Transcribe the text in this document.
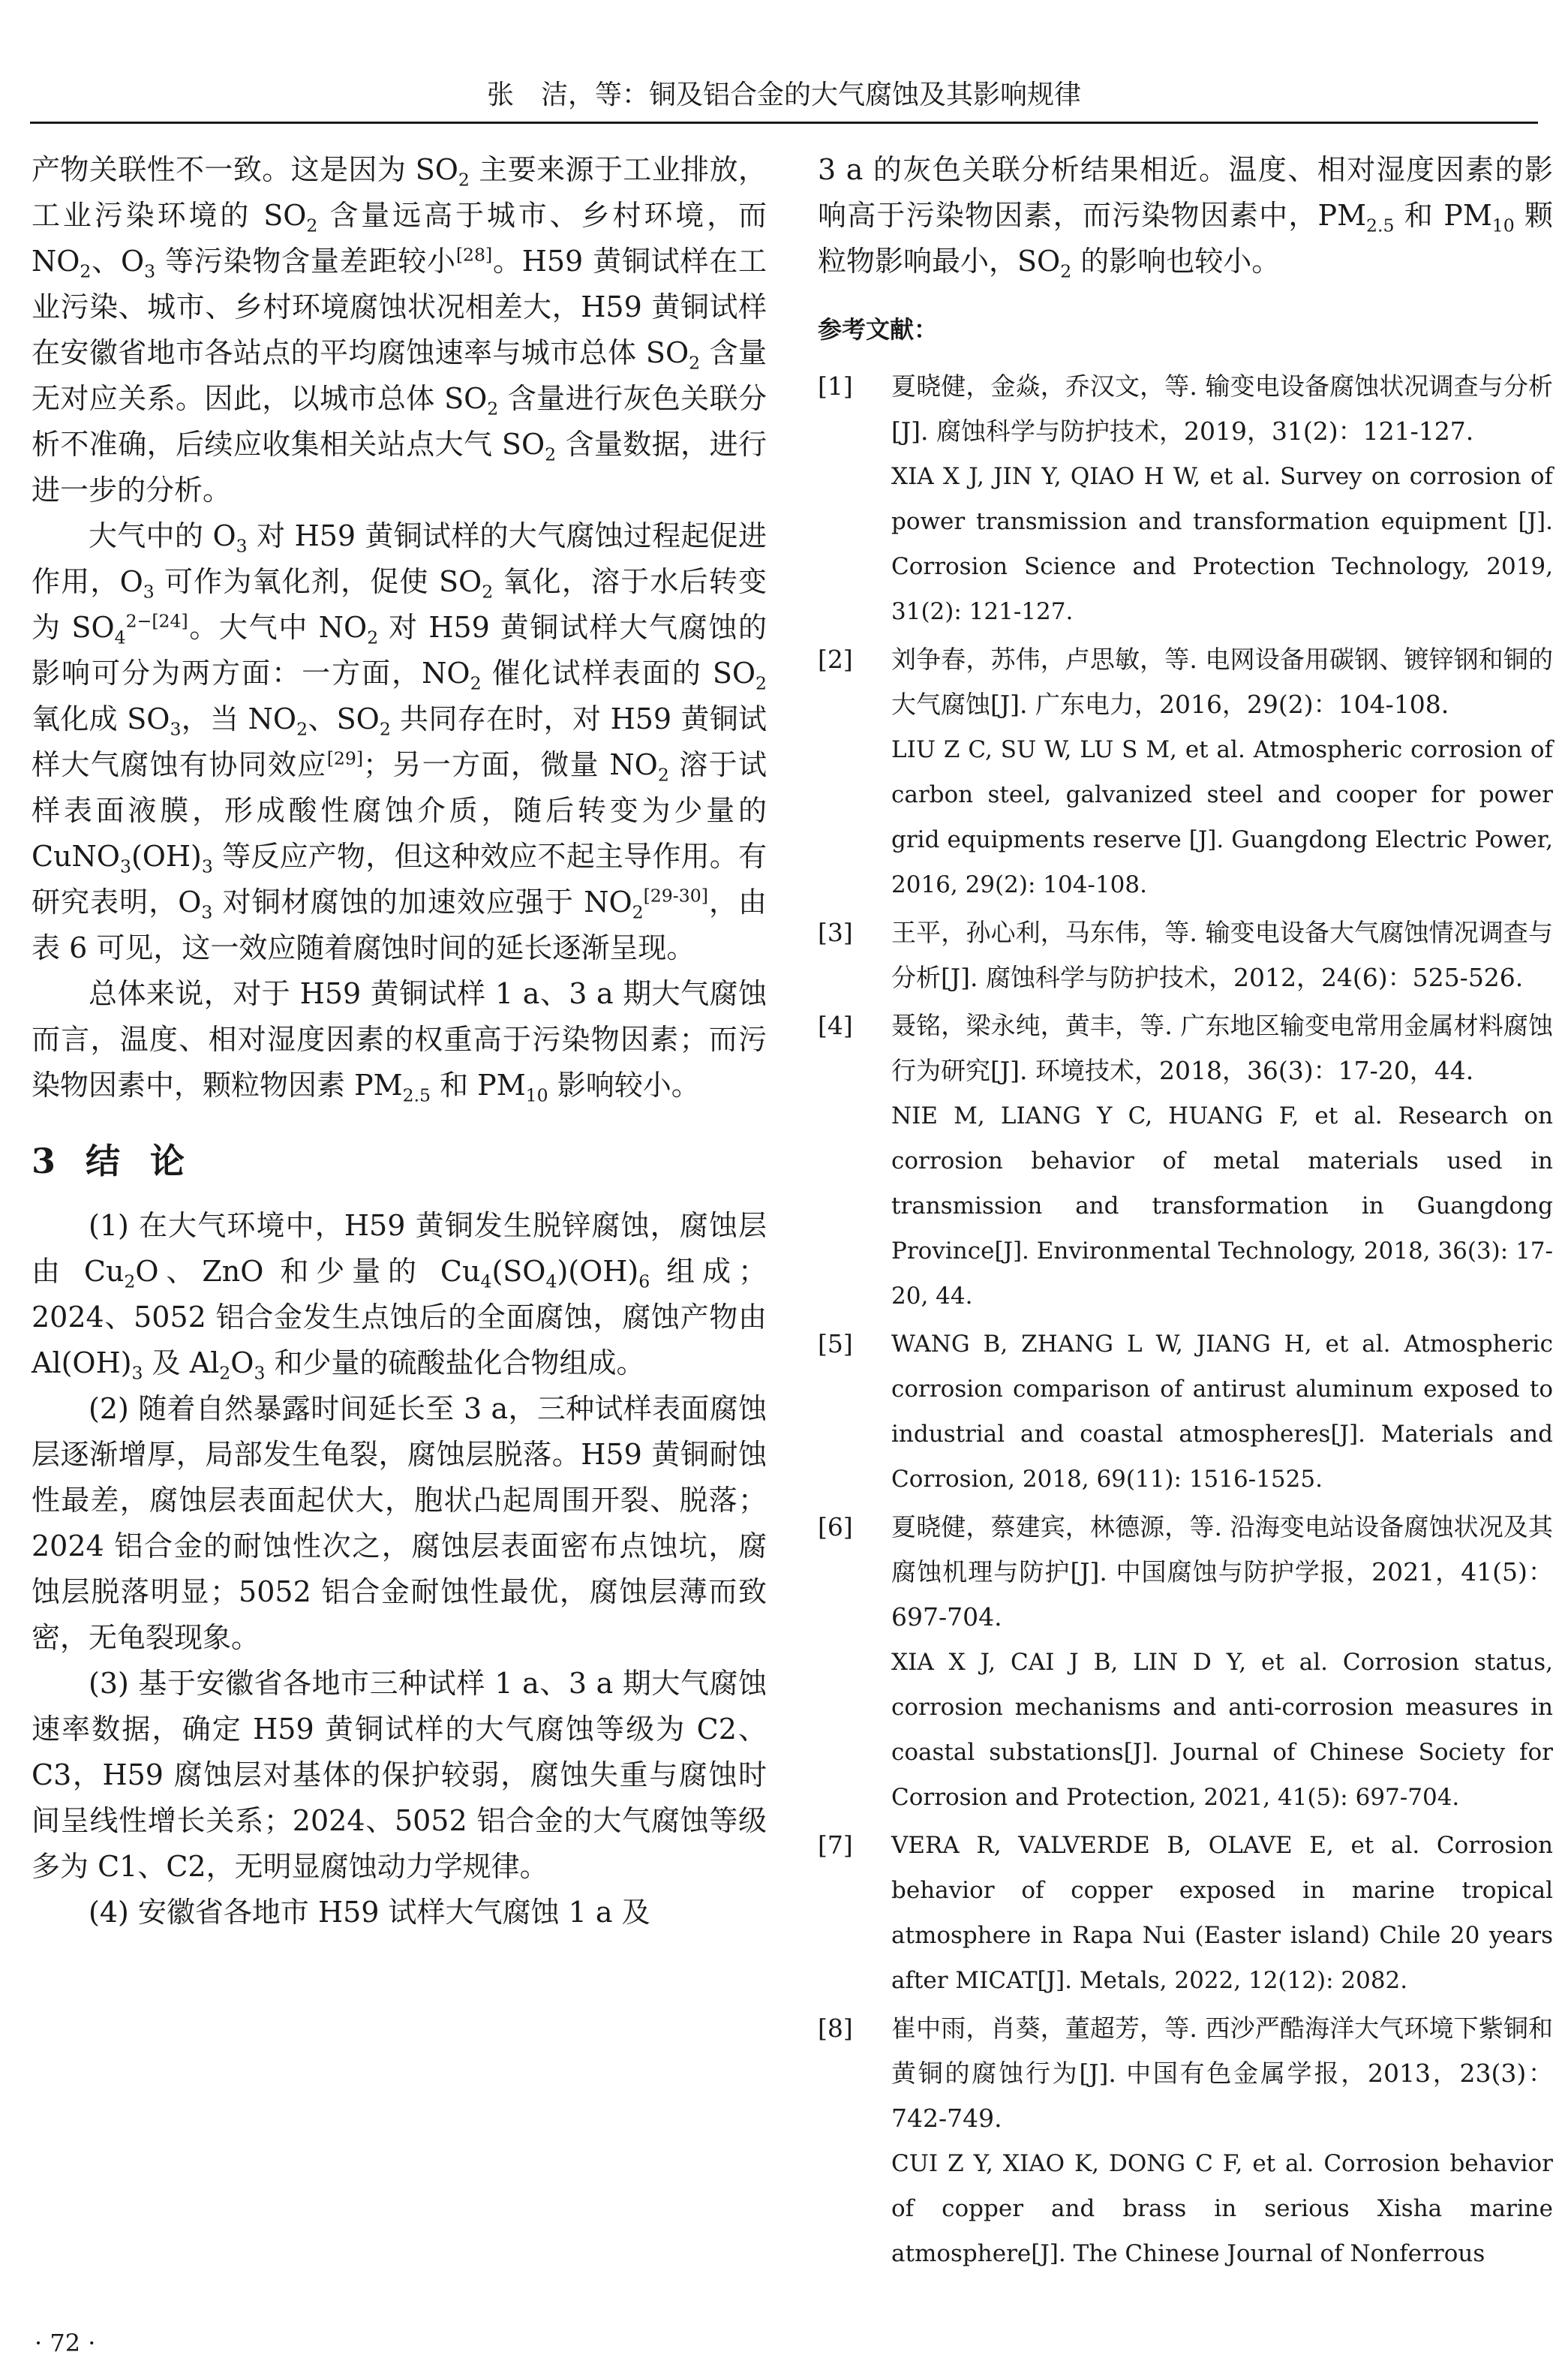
张　洁，等：铜及铝合金的大气腐蚀及其影响规律

产物关联性不一致。这是因为 $SO_2$ 主要来源于工业排放，工业污染环境的 $SO_2$ 含量远高于城市、乡村环境，而 $NO_2$、$O_3$ 等污染物含量差距较小[28]。H59 黄铜试样在工业污染、城市、乡村环境腐蚀状况相差大，H59 黄铜试样在安徽省地市各站点的平均腐蚀速率与城市总体 $SO_2$ 含量无对应关系。因此，以城市总体 $SO_2$ 含量进行灰色关联分析不准确，后续应收集相关站点大气 $SO_2$ 含量数据，进行进一步的分析。

大气中的 $O_3$ 对 H59 黄铜试样的大气腐蚀过程起促进作用，$O_3$ 可作为氧化剂，促使 $SO_2$ 氧化，溶于水后转变为 $SO_4^{2-[24]}$。大气中 $NO_2$ 对 H59 黄铜试样大气腐蚀的影响可分为两方面：一方面，$NO_2$ 催化试样表面的 $SO_2$ 氧化成 $SO_3$，当 $NO_2$、$SO_2$ 共同存在时，对 H59 黄铜试样大气腐蚀有协同效应[29]；另一方面，微量 $NO_2$ 溶于试样表面液膜，形成酸性腐蚀介质，随后转变为少量的 $CuNO_3(OH)_3$ 等反应产物，但这种效应不起主导作用。有研究表明，$O_3$ 对铜材腐蚀的加速效应强于 $NO_2[29-30]$，由表 6 可见，这一效应随着腐蚀时间的延长逐渐呈现。

总体来说，对于 H59 黄铜试样 1 a、3 a 期大气腐蚀而言，温度、相对湿度因素的权重高于污染物因素；而污染物因素中，颗粒物因素 $PM_{2.5}$ 和 $PM_{10}$ 影响较小。

3 结论

(1) 在大气环境中，H59 黄铜发生脱锌腐蚀，腐蚀层由 $Cu_2O$、ZnO 和少量的 $Cu_4(SO_4)(OH)_6$ 组成；2024、5052 铝合金发生点蚀后的全面腐蚀，腐蚀产物由 $Al(OH)_3$ 及 $Al_2O_3$ 和少量的硫酸盐化合物组成。

(2) 随着自然暴露时间延长至 3 a，三种试样表面腐蚀层逐渐增厚，局部发生龟裂，腐蚀层脱落。H59 黄铜耐蚀性最差，腐蚀层表面起伏大，胞状凸起周围开裂、脱落；2024 铝合金的耐蚀性次之，腐蚀层表面密布点蚀坑，腐蚀层脱落明显；5052 铝合金耐蚀性最优，腐蚀层薄而致密，无龟裂现象。

(3) 基于安徽省各地市三种试样 1 a、3 a 期大气腐蚀速率数据，确定 H59 黄铜试样的大气腐蚀等级为 C2、C3，H59 腐蚀层对基体的保护较弱，腐蚀失重与腐蚀时间呈线性增长关系；2024、5052 铝合金的大气腐蚀等级多为 C1、C2，无明显腐蚀动力学规律。

(4) 安徽省各地市 H59 试样大气腐蚀 1 a 及

3 a 的灰色关联分析结果相近。温度、相对湿度因素的影响高于污染物因素，而污染物因素中，$PM_{2.5}$ 和 $PM_{10}$ 颗粒物影响最小，$SO_2$ 的影响也较小。

参考文献：
[1] 夏晓健，金焱，乔汉文，等. 输变电设备腐蚀状况调查与分析[J]. 腐蚀科学与防护技术，2019，31(2)：121-127.
XIA X J, JIN Y, QIAO H W, et al. Survey on corrosion of power transmission and transformation equipment [J]. Corrosion Science and Protection Technology, 2019, 31(2): 121-127.
[2] 刘争春，苏伟，卢思敏，等. 电网设备用碳钢、镀锌钢和铜的大气腐蚀[J]. 广东电力，2016，29(2)：104-108.
LIU Z C, SU W, LU S M, et al. Atmospheric corrosion of carbon steel, galvanized steel and cooper for power grid equipments reserve [J]. Guangdong Electric Power, 2016, 29(2): 104-108.
[3] 王平，孙心利，马东伟，等. 输变电设备大气腐蚀情况调查与分析[J]. 腐蚀科学与防护技术，2012，24(6)：525-526.
[4] 聂铭，梁永纯，黄丰，等. 广东地区输变电常用金属材料腐蚀行为研究[J]. 环境技术，2018，36(3)：17-20，44.
NIE M, LIANG Y C, HUANG F, et al. Research on corrosion behavior of metal materials used in transmission and transformation in Guangdong Province[J]. Environmental Technology, 2018, 36(3): 17-20, 44.
[5] WANG B, ZHANG L W, JIANG H, et al. Atmospheric corrosion comparison of antirust aluminum exposed to industrial and coastal atmospheres[J]. Materials and Corrosion, 2018, 69(11): 1516-1525.
[6] 夏晓健，蔡建宾，林德源，等. 沿海变电站设备腐蚀状况及其腐蚀机理与防护[J]. 中国腐蚀与防护学报，2021，41(5)：697-704.
XIA X J, CAI J B, LIN D Y, et al. Corrosion status, corrosion mechanisms and anti-corrosion measures in coastal substations[J]. Journal of Chinese Society for Corrosion and Protection, 2021, 41(5): 697-704.
[7] VERA R, VALVERDE B, OLAVE E, et al. Corrosion behavior of copper exposed in marine tropical atmosphere in Rapa Nui (Easter island) Chile 20 years after MICAT[J]. Metals, 2022, 12(12): 2082.
[8] 崔中雨，肖葵，董超芳，等. 西沙严酷海洋大气环境下紫铜和黄铜的腐蚀行为[J]. 中国有色金属学报，2013，23(3)：742-749.
CUI Z Y, XIAO K, DONG C F, et al. Corrosion behavior of copper and brass in serious Xisha marine atmosphere[J]. The Chinese Journal of Nonferrous
· 72 ·
